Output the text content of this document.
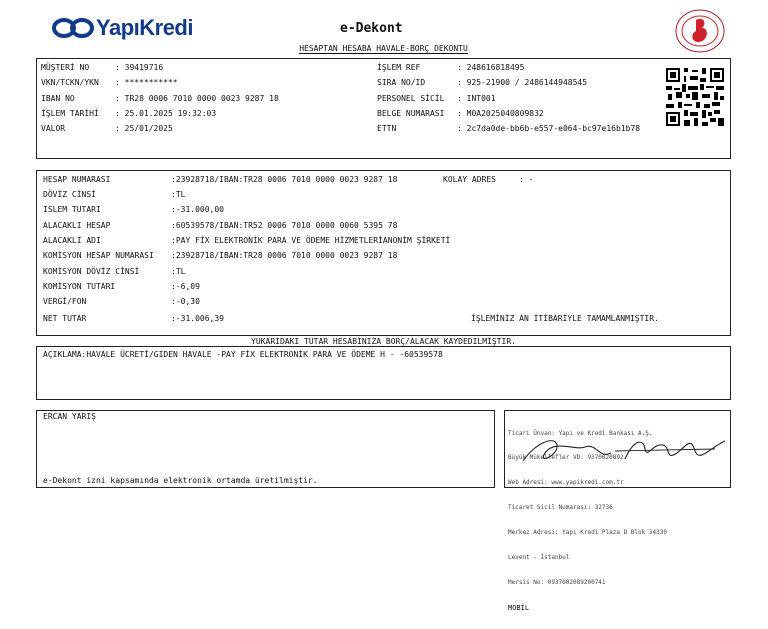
YapıKredi	e-Dekont
HESAPTAN HESABA HAVALE-BORÇ DEKONTU
MÜŞTERİ NO	: 39419716
VKN/TCKN/YKN : ***********
IBAN NO	: TR28 0006 7010 0000 0023 9287 18
İŞLEM TARİHİ : 25.01.2025 19:32:03
VALOR	: 25/01/2025
İŞLEM REF	: 248616818495
SIRA NO/ID	: 925-21900 / 2486144948545
PERSONEL SİCİL : INT001
BELGE NUMARASI : M0A2025040809832
ETTN	: 2c7da0de-bb6b-e557-e064-bc97e16b1b78
HESAP NUMARASI	:23928718/IBAN:TR28 0006 7010 0000 0023 9287 18	KOLAY ADRES	: -
DÖVİZ CİNSİ	:TL
ISLEM TUTARI	:-31.000,00
ALACAKLI HESAP	:60539578/IBAN:TR52 0006 7010 0000 0060 5395 78
ALACAKLI ADI	:PAY FİX ELEKTRONİK PARA VE ÖDEME HİZMETLERİANONİM ŞİRKETİ
KOMİSYON HESAP NUMARASI :23928718/IBAN:TR28 0006 7010 0000 0023 9287 18
KOMİSYON DÖVİZ CİNSİ	:TL
KOMİSYON TUTARI	:-6,09
VERGİ/FON	:-0,30
NET TUTAR	:-31.006,39	İŞLEMİNİZ AN İTİBARİYLE TAMAMLANMIŞTIR.
YUKARIDAKI TUTAR HESABINIZA BORÇ/ALACAK KAYDEDILMIŞTIR.
AÇIKLAMA:HAVALE ÜCRETİ/GIDEN HAVALE -PAY FİX ELEKTRONİK PARA VE ÖDEME H - -60539578
ERCAN YARIŞ
e-Dekont izni kapsamında elektronik ortamda üretilmiştir.

Ticari Ünvan: Yapı ve Kredi Bankası A.Ş.

Büyük Mükellefler VD: 9370020892

Web Adresi: www.yapikredi.com.tr

Ticaret Sicil Numarası: 32736

Merkez Adresi: Yapı Kredi Plaza D Blok 34330

Levent - İstanbul

Mersis No: 0937002089200741

MOBİL
